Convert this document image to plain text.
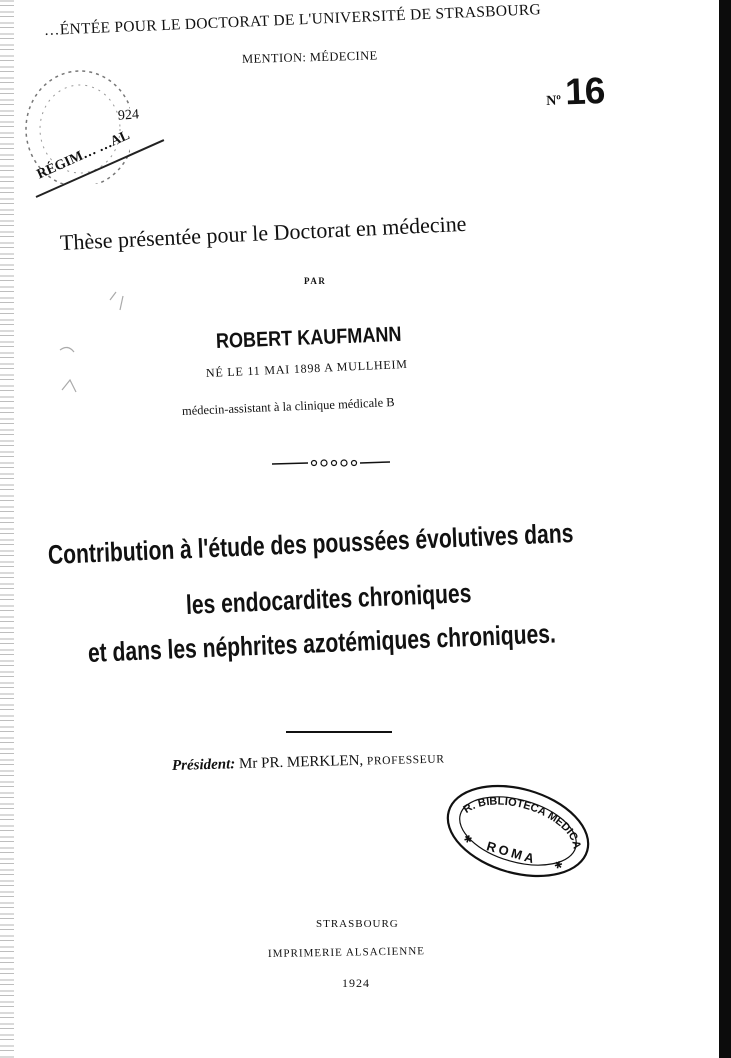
…ÉNTÉE POUR LE DOCTORAT DE L'UNIVERSITÉ DE STRASBOURG
MENTION: MÉDECINE
Nº 16
924
RÉGIM… …AL
Thèse présentée pour le Doctorat en médecine
PAR
ROBERT KAUFMANN
NÉ LE 11 MAI 1898 A MULLHEIM
médecin-assistant à la clinique médicale B
Contribution à l'étude des poussées évolutives dans
les endocardites chroniques
et dans les néphrites azotémiques chroniques.
Président: Mr PR. MERKLEN, PROFESSEUR
R. BIBLIOTECA MEDICA
ROMA
✱
✱
STRASBOURG
IMPRIMERIE ALSACIENNE
1924
